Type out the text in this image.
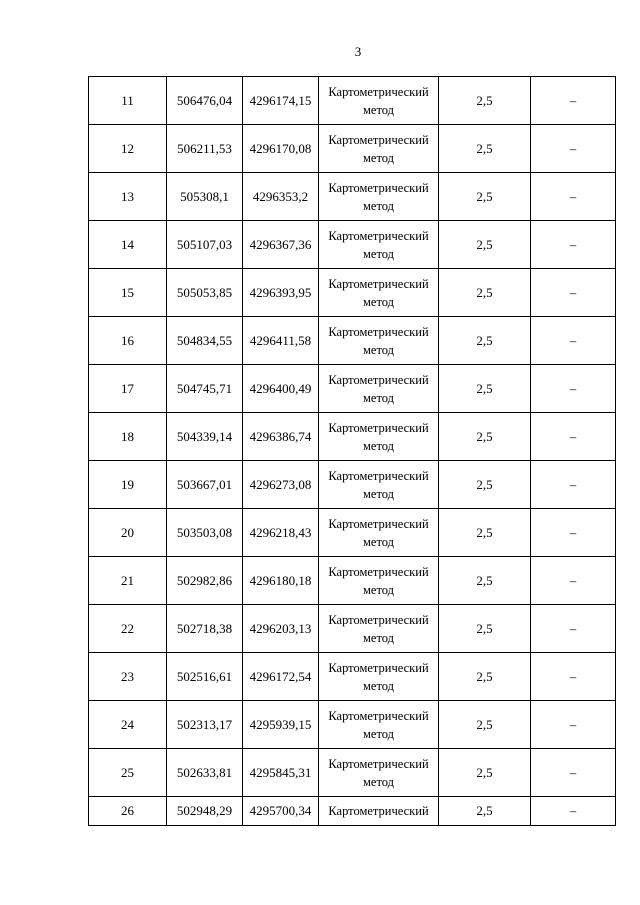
3
11	506476,04	4296174,15	Картометрический
метод	2,5	–
12	506211,53	4296170,08	Картометрический
метод	2,5	–
13	505308,1	4296353,2	Картометрический
метод	2,5	–
14	505107,03	4296367,36	Картометрический
метод	2,5	–
15	505053,85	4296393,95	Картометрический
метод	2,5	–
16	504834,55	4296411,58	Картометрический
метод	2,5	–
17	504745,71	4296400,49	Картометрический
метод	2,5	–
18	504339,14	4296386,74	Картометрический
метод	2,5	–
19	503667,01	4296273,08	Картометрический
метод	2,5	–
20	503503,08	4296218,43	Картометрический
метод	2,5	–
21	502982,86	4296180,18	Картометрический
метод	2,5	–
22	502718,38	4296203,13	Картометрический
метод	2,5	–
23	502516,61	4296172,54	Картометрический
метод	2,5	–
24	502313,17	4295939,15	Картометрический
метод	2,5	–
25	502633,81	4295845,31	Картометрический
метод	2,5	–
26	502948,29	4295700,34	Картометрический	2,5	–
